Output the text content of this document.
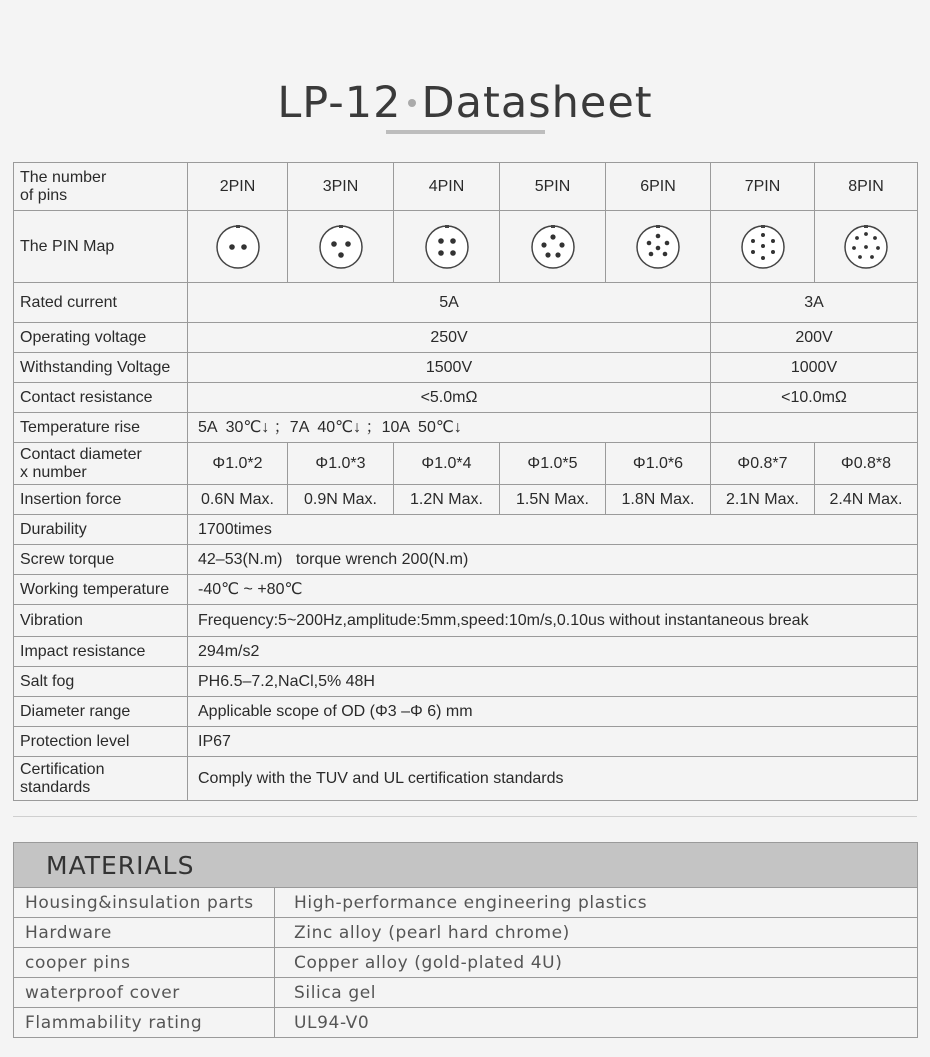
LP-12 Datasheet
The number
of pins	2PIN	3PIN	4PIN	5PIN	6PIN	7PIN	8PIN
The PIN Map	

Rated current	5A					3A	
Operating voltage	250V					200V	
Withstanding Voltage	1500V					1000V	
Contact resistance	<5.0mΩ					<10.0mΩ	
Temperature rise	5A  30℃↓ ；7A  40℃↓ ；10A  50℃↓						
Contact diameter
x number	Φ1.0*2	Φ1.0*3	Φ1.0*4	Φ1.0*5	Φ1.0*6	Φ0.8*7	Φ0.8*8
Insertion force	0.6N Max.	0.9N Max.	1.2N Max.	1.5N Max.	1.8N Max.	2.1N Max.	2.4N Max.
Durability	1700times						
Screw torque	42–53(N.m)   torque wrench 200(N.m)						
Working temperature	-40℃ ~ +80℃						
Vibration	Frequency:5~200Hz,amplitude:5mm,speed:10m/s,0.10us without instantaneous break						
Impact resistance	294m/s2						
Salt fog	PH6.5–7.2,NaCl,5% 48H						
Diameter range	Applicable scope of OD (Φ3 –Φ 6) mm						
Protection level	IP67						
Certification
standards	Comply with the TUV and UL certification standards						
MATERIALS	
Housing&insulation parts	High-performance engineering plastics
Hardware	Zinc alloy (pearl hard chrome)
cooper pins	Copper alloy (gold-plated 4U)
waterproof cover	Silica gel
Flammability rating	UL94-V0
